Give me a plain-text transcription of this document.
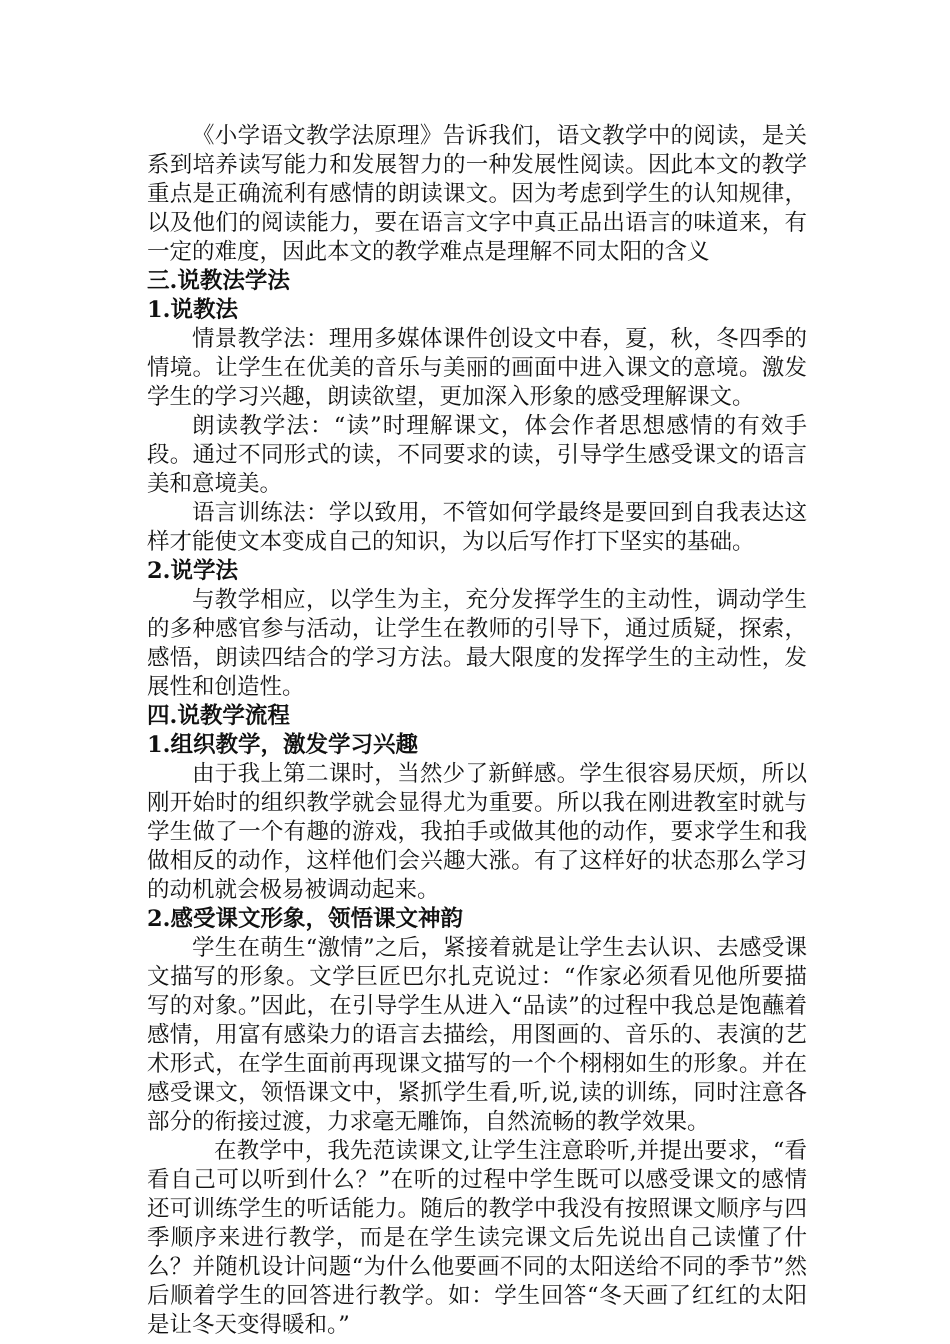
《小学语文教学法原理》告诉我们，语文教学中的阅读，是关系到培养读写能力和发展智力的一种发展性阅读。因此本文的教学重点是正确流利有感情的朗读课文。因为考虑到学生的认知规律，以及他们的阅读能力，要在语言文字中真正品出语言的味道来，有一定的难度，因此本文的教学难点是理解不同太阳的含义

三.说教法学法

1.说教法

情景教学法：理用多媒体课件创设文中春，夏，秋，冬四季的情境。让学生在优美的音乐与美丽的画面中进入课文的意境。激发学生的学习兴趣，朗读欲望，更加深入形象的感受理解课文。

朗读教学法：“读”时理解课文，体会作者思想感情的有效手段。通过不同形式的读，不同要求的读，引导学生感受课文的语言美和意境美。

语言训练法：学以致用，不管如何学最终是要回到自我表达这样才能使文本变成自己的知识，为以后写作打下坚实的基础。

2.说学法

与教学相应，以学生为主，充分发挥学生的主动性，调动学生的多种感官参与活动，让学生在教师的引导下，通过质疑，探索，感悟，朗读四结合的学习方法。最大限度的发挥学生的主动性，发展性和创造性。

四.说教学流程

1.组织教学，激发学习兴趣

由于我上第二课时，当然少了新鲜感。学生很容易厌烦，所以刚开始时的组织教学就会显得尤为重要。所以我在刚进教室时就与学生做了一个有趣的游戏，我拍手或做其他的动作，要求学生和我做相反的动作，这样他们会兴趣大涨。有了这样好的状态那么学习的动机就会极易被调动起来。

2.感受课文形象，领悟课文神韵

学生在萌生“激情”之后，紧接着就是让学生去认识、去感受课文描写的形象。文学巨匠巴尔扎克说过：“作家必须看见他所要描写的对象。”因此，在引导学生从进入“品读”的过程中我总是饱蘸着感情，用富有感染力的语言去描绘，用图画的、音乐的、表演的艺术形式，在学生面前再现课文描写的一个个栩栩如生的形象。并在感受课文，领悟课文中，紧抓学生看,听,说,读的训练，同时注意各部分的衔接过渡，力求毫无雕饰，自然流畅的教学效果。

在教学中，我先范读课文,让学生注意聆听,并提出要求，“看看自己可以听到什么？”在听的过程中学生既可以感受课文的感情还可训练学生的听话能力。随后的教学中我没有按照课文顺序与四季顺序来进行教学，而是在学生读完课文后先说出自己读懂了什么？并随机设计问题“为什么他要画不同的太阳送给不同的季节”然后顺着学生的回答进行教学。如：学生回答“冬天画了红红的太阳是让冬天变得暖和。”
